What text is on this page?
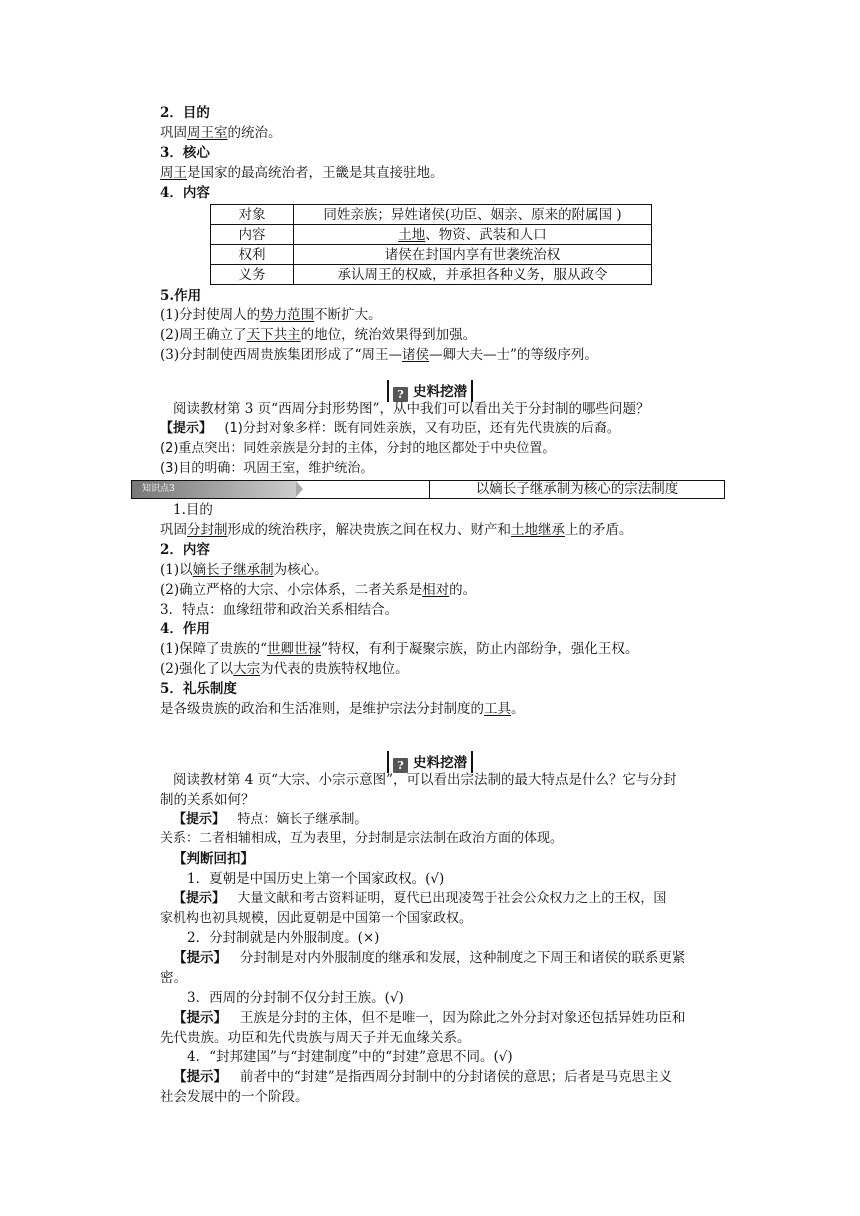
2．目的
巩固周王室的统治。
3．核心
周王是国家的最高统治者，王畿是其直接驻地。
4．内容
对象	同姓亲族；异姓诸侯(功臣、姻亲、原来的附属国 )
内容	土地、物资、武装和人口
权利	诸侯在封国内享有世袭统治权
义务	承认周王的权威，并承担各种义务，服从政令
5.作用
(1)分封使周人的势力范围不断扩大。
(2)周王确立了天下共主的地位，统治效果得到加强。
(3)分封制使西周贵族集团形成了“周王—诸侯—卿大夫—士”的等级序列。
? 史料挖潜
阅读教材第 3 页“西周分封形势图”，从中我们可以看出关于分封制的哪些问题？
【提示】 (1)分封对象多样：既有同姓亲族，又有功臣，还有先代贵族的后裔。
(2)重点突出：同姓亲族是分封的主体，分封的地区都处于中央位置。
(3)目的明确：巩固王室，维护统治。
知识点3	以嫡长子继承制为核心的宗法制度
1.目的
巩固分封制形成的统治秩序，解决贵族之间在权力、财产和土地继承上的矛盾。
2．内容
(1)以嫡长子继承制为核心。
(2)确立严格的大宗、小宗体系，二者关系是相对的。
3．特点：血缘纽带和政治关系相结合。
4．作用
(1)保障了贵族的“世卿世禄”特权，有利于凝聚宗族，防止内部纷争，强化王权。
(2)强化了以大宗为代表的贵族特权地位。
5．礼乐制度
是各级贵族的政治和生活准则，是维护宗法分封制度的工具。
? 史料挖潜
阅读教材第 4 页“大宗、小宗示意图”，可以看出宗法制的最大特点是什么？它与分封
制的关系如何？
【提示】 特点：嫡长子继承制。
关系：二者相辅相成，互为表里，分封制是宗法制在政治方面的体现。
【判断回扣】
1．夏朝是中国历史上第一个国家政权。(√)
【提示】 大量文献和考古资料证明，夏代已出现凌驾于社会公众权力之上的王权，国
家机构也初具规模，因此夏朝是中国第一个国家政权。
2．分封制就是内外服制度。(×)
【提示】 分封制是对内外服制度的继承和发展，这种制度之下周王和诸侯的联系更紧
密。
3．西周的分封制不仅分封王族。(√)
【提示】 王族是分封的主体，但不是唯一，因为除此之外分封对象还包括异姓功臣和
先代贵族。功臣和先代贵族与周天子并无血缘关系。
4．“封邦建国”与“封建制度”中的“封建”意思不同。(√)
【提示】 前者中的“封建”是指西周分封制中的分封诸侯的意思；后者是马克思主义
社会发展中的一个阶段。
